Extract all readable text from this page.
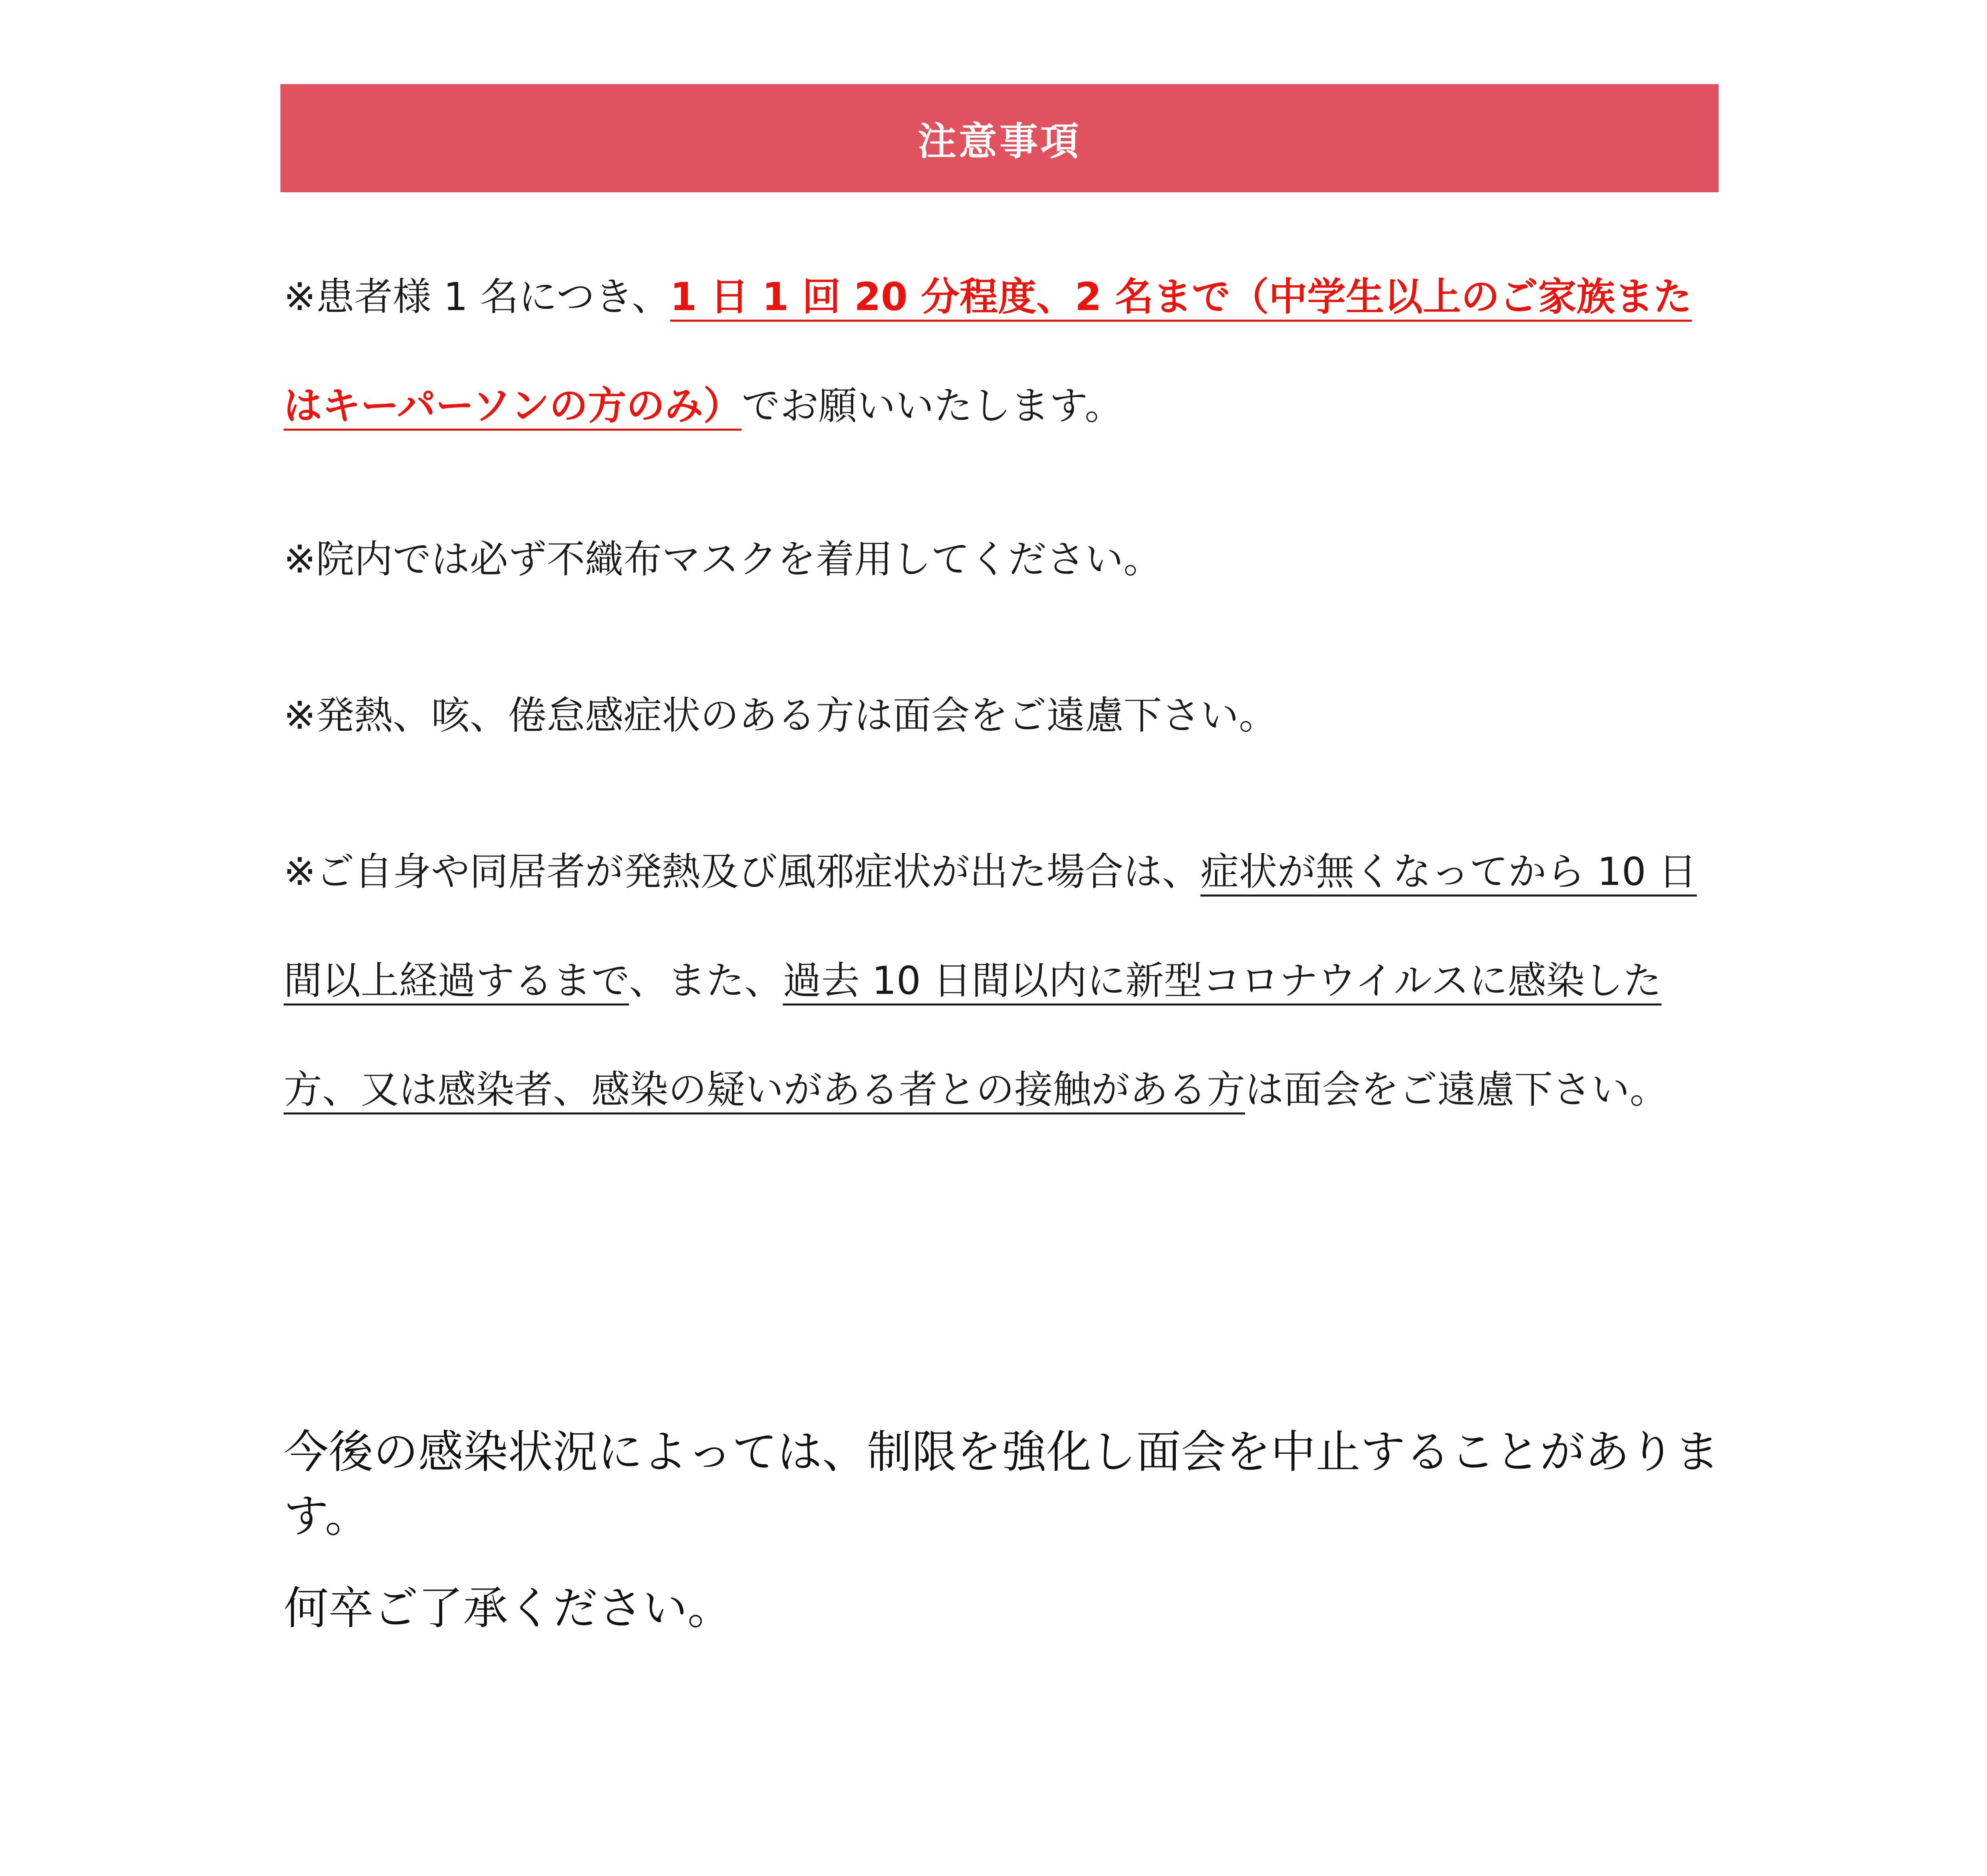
注意事項

※患者様 1 名につき、1 日 1 回 20 分程度、2 名まで（中学生以上のご家族またはキーパーソンの方のみ）でお願いいたします。

※院内では必ず不織布マスクを着用してください。

※発熱、咳、倦怠感症状のある方は面会をご遠慮下さい。

※ご自身や同居者が発熱及び風邪症状が出た場合は、症状が無くなってから 10 日間以上経過するまで、また、過去 10 日間以内に新型コロナウイルスに感染した方、又は感染者、感染の疑いがある者との接触がある方は面会をご遠慮下さい。

今後の感染状況によっては、制限を強化し面会を中止することがあります。

何卒ご了承ください。
